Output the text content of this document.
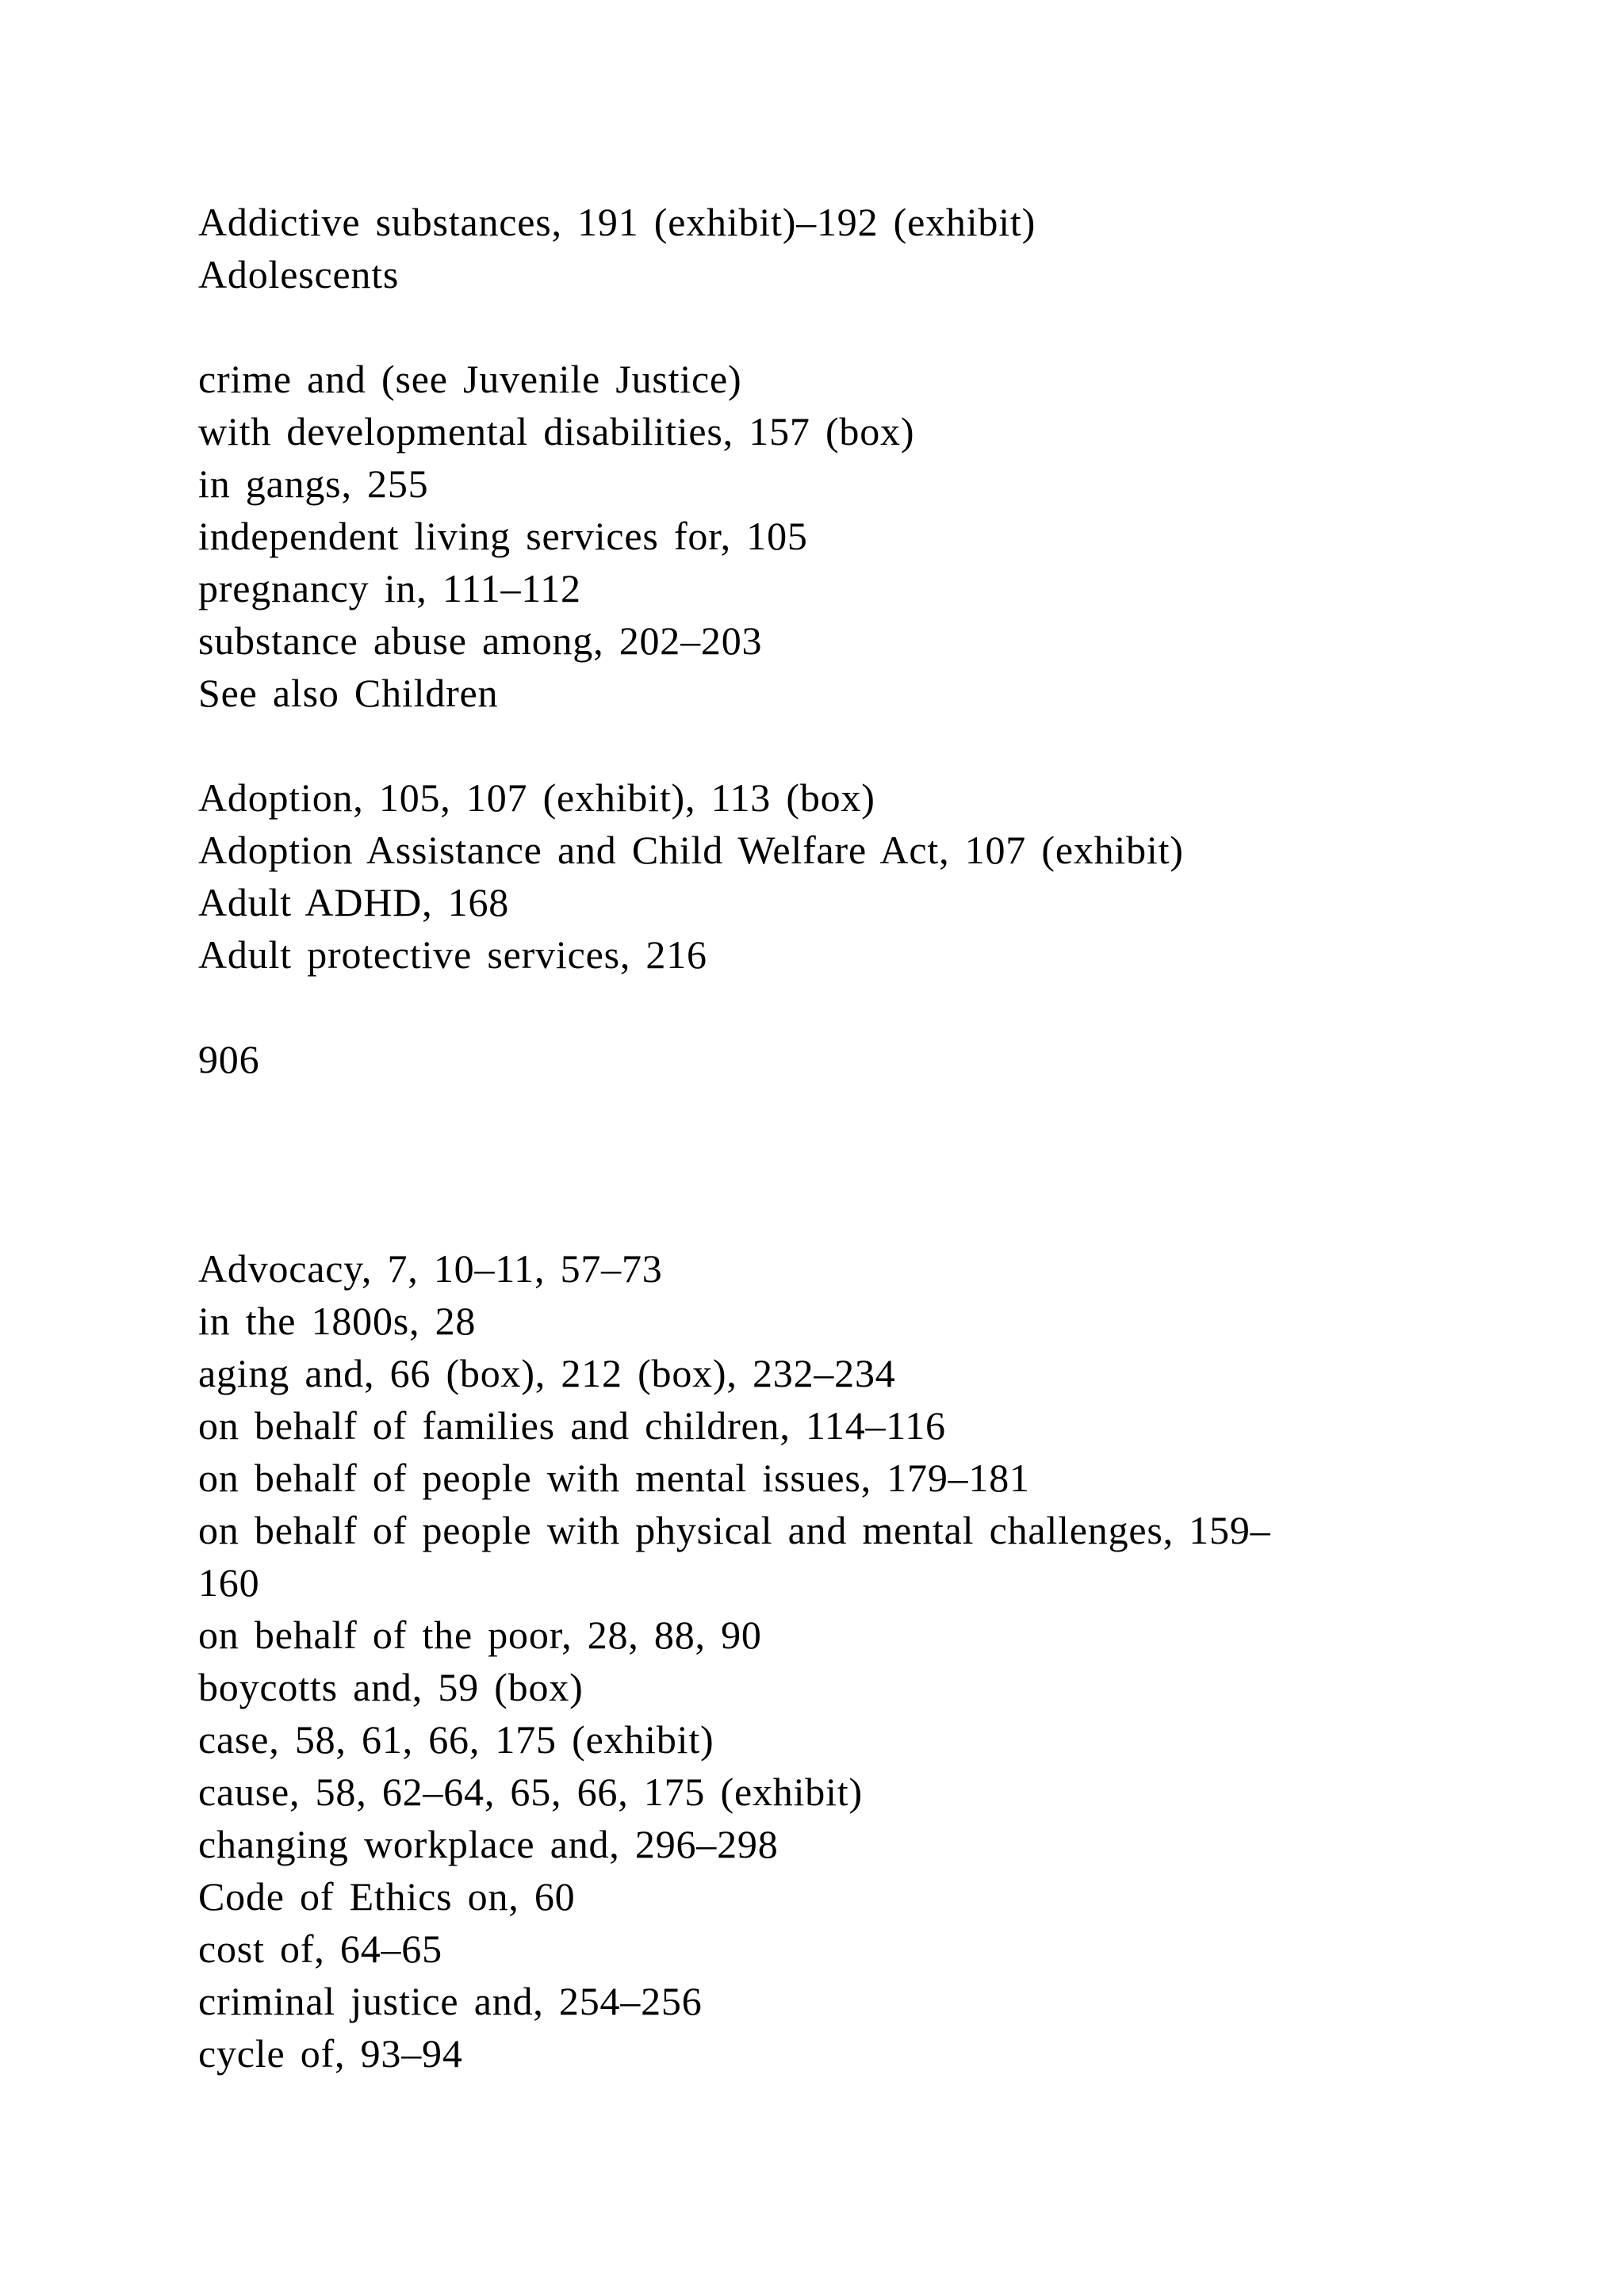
Addictive substances, 191 (exhibit)–192 (exhibit)
Adolescents
crime and (see Juvenile Justice)
with developmental disabilities, 157 (box)
in gangs, 255
independent living services for, 105
pregnancy in, 111–112
substance abuse among, 202–203
See also Children
Adoption, 105, 107 (exhibit), 113 (box)
Adoption Assistance and Child Welfare Act, 107 (exhibit)
Adult ADHD, 168
Adult protective services, 216
906
Advocacy, 7, 10–11, 57–73
in the 1800s, 28
aging and, 66 (box), 212 (box), 232–234
on behalf of families and children, 114–116
on behalf of people with mental issues, 179–181
on behalf of people with physical and mental challenges, 159–
160
on behalf of the poor, 28, 88, 90
boycotts and, 59 (box)
case, 58, 61, 66, 175 (exhibit)
cause, 58, 62–64, 65, 66, 175 (exhibit)
changing workplace and, 296–298
Code of Ethics on, 60
cost of, 64–65
criminal justice and, 254–256
cycle of, 93–94
